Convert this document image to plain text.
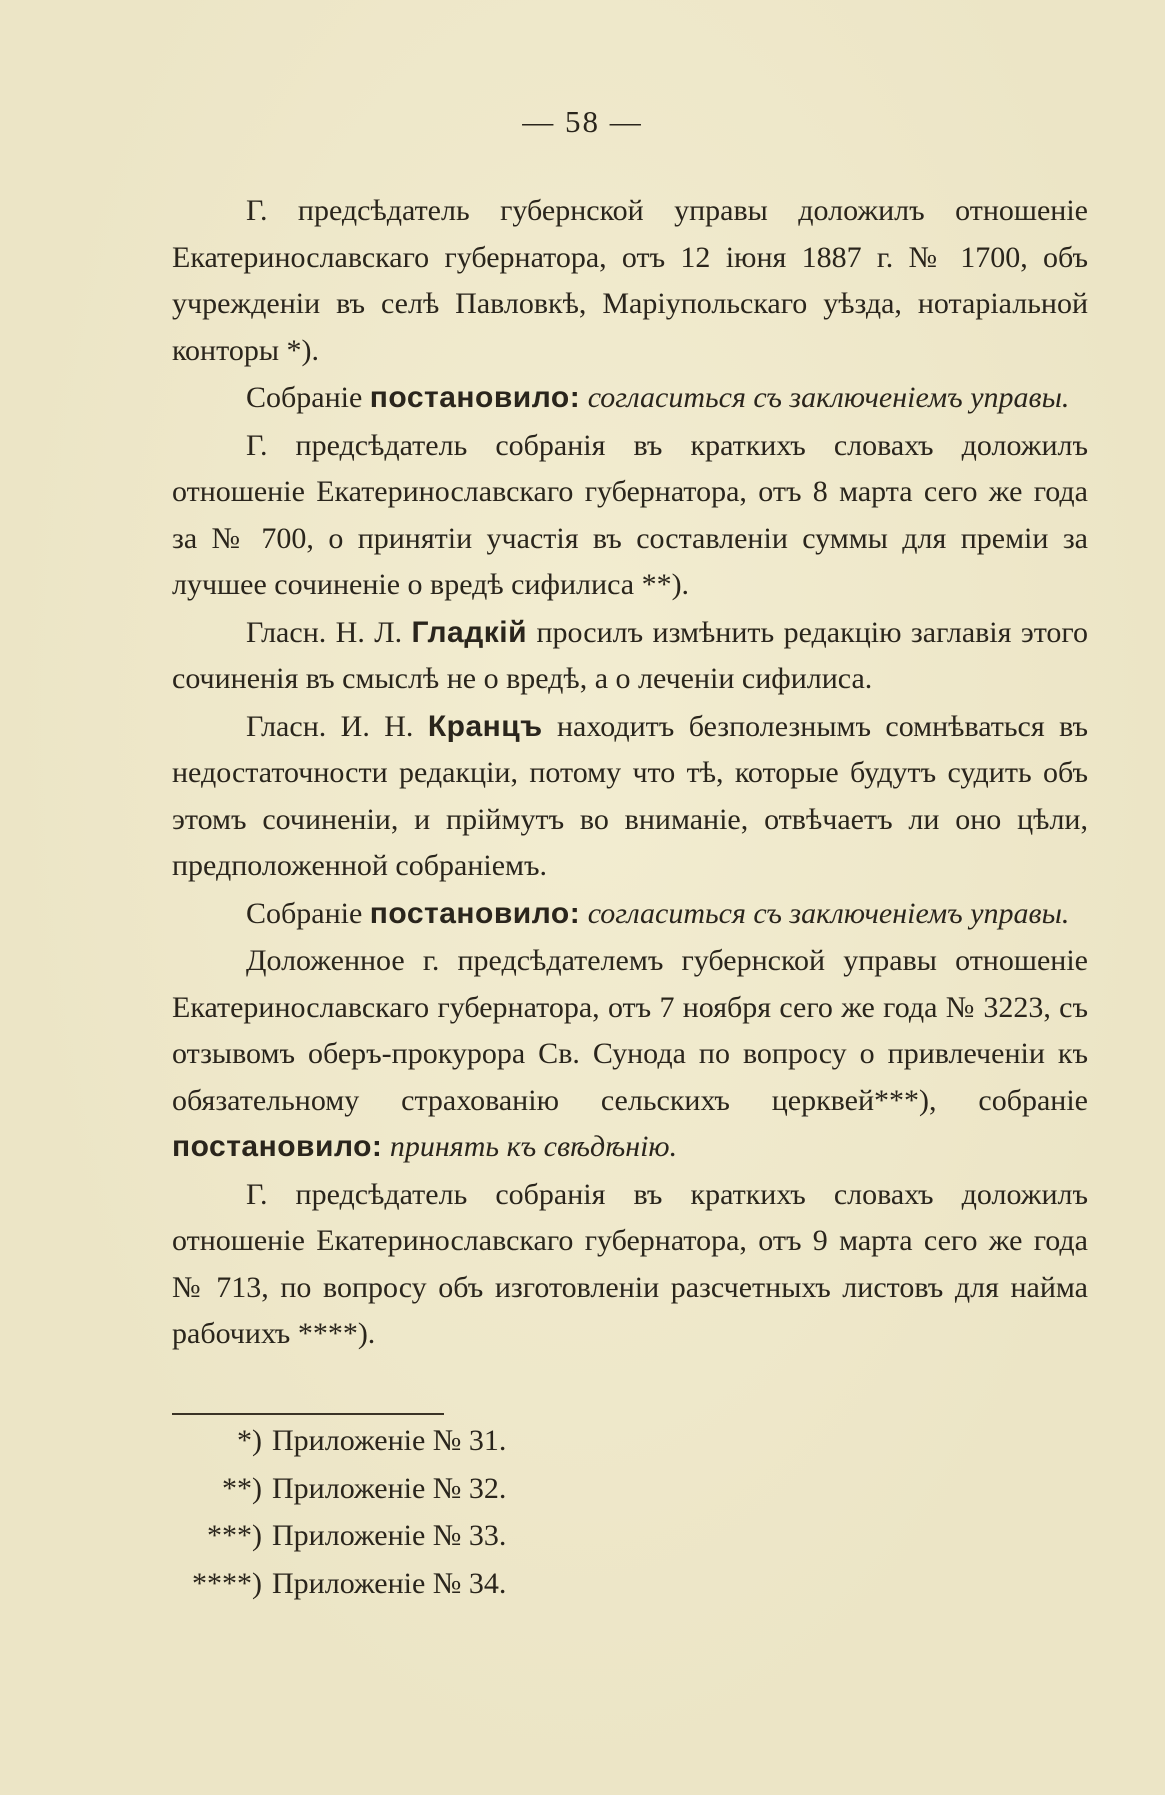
— 58 —

Г. предсѣдатель губернской управы доложилъ отношеніе Екатеринославскаго губернатора, отъ 12 іюня 1887 г. № 1700, объ учрежденіи въ селѣ Павловкѣ, Маріупольскаго уѣзда, нотаріальной конторы *).

Собраніе постановило: согласиться съ заключеніемъ управы.

Г. предсѣдатель собранія въ краткихъ словахъ доложилъ отношеніе Екатеринославскаго губернатора, отъ 8 марта сего же года за № 700, о принятіи участія въ составленіи суммы для преміи за лучшее сочиненіе о вредѣ сифилиса **).

Гласн. Н. Л. Гладкій просилъ измѣнить редакцію заглавія этого сочиненія въ смыслѣ не о вредѣ, а о леченіи сифилиса.

Гласн. И. Н. Кранцъ находитъ безполезнымъ сомнѣваться въ недостаточности редакціи, потому что тѣ, которые будутъ судить объ этомъ сочиненіи, и пріймутъ во вниманіе, отвѣчаетъ ли оно цѣли, предположенной собраніемъ.

Собраніе постановило: согласиться съ заключеніемъ управы.

Доложенное г. предсѣдателемъ губернской управы отношеніе Екатеринославскаго губернатора, отъ 7 ноября сего же года № 3223, съ отзывомъ оберъ-прокурора Св. Сунода по вопросу о привлеченіи къ обязательному страхованію сельскихъ церквей***), собраніе постановило: принять къ свѣдѣнію.

Г. предсѣдатель собранія въ краткихъ словахъ доложилъ отношеніе Екатеринославскаго губернатора, отъ 9 марта сего же года № 713, по вопросу объ изготовленіи разсчетныхъ листовъ для найма рабочихъ ****).

*) Приложеніе № 31.
**) Приложеніе № 32.
***) Приложеніе № 33.
****) Приложеніе № 34.
